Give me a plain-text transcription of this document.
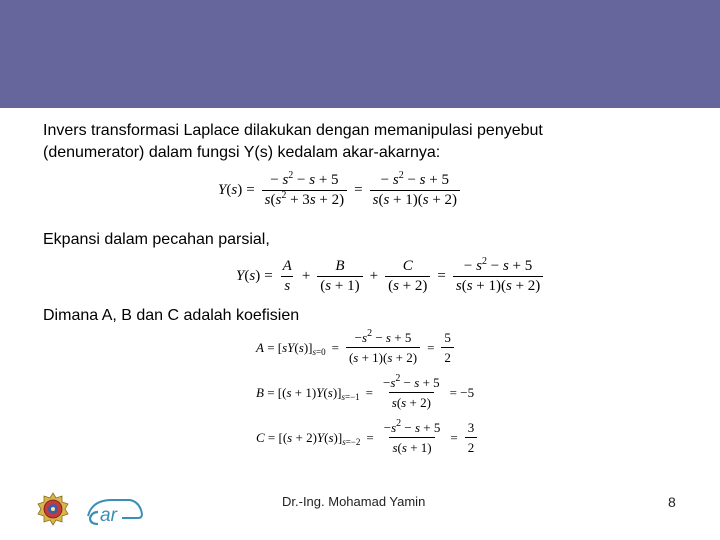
Invers transformasi Laplace dilakukan dengan memanipulasi penyebut
(denumerator) dalam fungsi Y(s) kedalam akar-akarnya:
$Y(s) = \frac{- s^2 - s + 5}{s(s^2 + 3s + 2)} = \frac{- s^2 - s + 5}{s(s + 1)(s + 2)}$
Ekpansi dalam pecahan parsial,
$Y(s) = \frac{A}{s} + \frac{B}{(s + 1)} + \frac{C}{(s + 2)} = \frac{- s^2 - s + 5}{s(s + 1)(s + 2)}$
Dimana A, B dan C adalah koefisien
$A = [sY(s)]_{s=0} = \frac{-s^2 - s + 5}{(s + 1)(s + 2)} = \frac{5}{2}$
$B = [(s + 1)Y(s)]_{s=-1} = \frac{-s^2 - s + 5}{s(s + 2)} = -5$
$C = [(s + 2)Y(s)]_{s=-2} = \frac{-s^2 - s + 5}{s(s + 1)} = \frac{3}{2}$
ar
Dr.-Ing. Mohamad Yamin	8
